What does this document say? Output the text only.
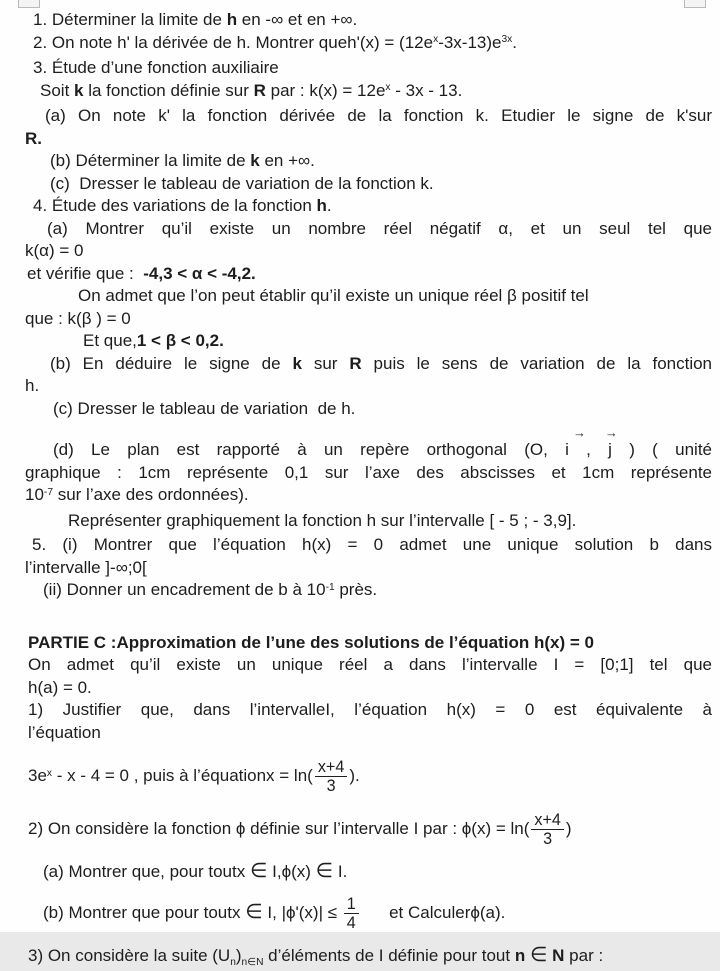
1. Déterminer la limite de h en -∞ et en +∞.
2. On note h' la dérivée de h. Montrer queh'(x) = $(12e^x-3x-13)e^{3x}$.
3. Étude d’une fonction auxiliaire
Soit k la fonction définie sur R par : $k(x) = 12e^x - 3x - 13$.
(a) On note k' la fonction dérivée de la fonction k. Etudier le signe de k'sur
R.
(b) Déterminer la limite de k en +∞.
(c)  Dresser le tableau de variation de la fonction k.
4. Étude des variations de la fonction h.
(a) Montrer qu’il existe un nombre réel négatif α, et un seul tel que
k(α) = 0
et vérifie que :  -4,3 < α < -4,2.
On admet que l’on peut établir qu’il existe un unique réel β positif tel
que : k(β ) = 0
Et que,1 < β < 0,2.
(b) En déduire le signe de k sur R puis le sens de variation de la fonction
h.
(c) Dresser le tableau de variation  de h.
→   →
(d) Le plan est rapporté à un repère orthogonal (O, i , j ) ( unité
graphique : 1cm représente 0,1 sur l’axe des abscisses et 1cm représente
$10^{-7}$ sur l’axe des ordonnées).
Représenter graphiquement la fonction h sur l’intervalle [ - 5 ; - 3,9].
5. (i) Montrer que l’équation h(x) = 0 admet une unique solution b dans
l’intervalle ]-∞;0[
(ii) Donner un encadrement de b à $10^{-1}$ près.
PARTIE C :Approximation de l’une des solutions de l’équation h(x) = 0
On admet qu’il existe un unique réel a dans l’intervalle I = [0;1] tel que
h(a) = 0.
1) Justifier que, dans l’intervalleI, l’équation h(x) = 0 est équivalente à
l’équation
$3e^x - x - 4 = 0$ , puis à l’équationx = $\ln( \frac{x+4}{3}$ ).
2) On considère la fonction ϕ définie sur l’intervalle I par : $\phi(x) = \ln( \frac{x+4}{3}$ )
(a) Montrer que, pour toutx ∈ I,ϕ(x) ∈ I.
(b) Montrer que pour toutx ∈ I, $|\phi'(x)| \le \frac{1}{4}$ et Calculerϕ(a).
3) On considère la suite $(U_n)_{n\in N}$ d’éléments de I définie pour tout n ∈ N par :
